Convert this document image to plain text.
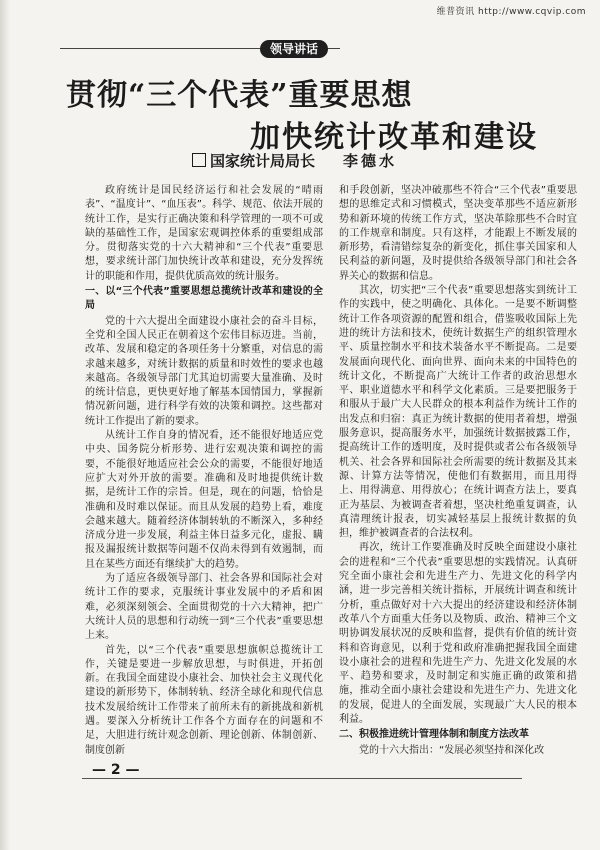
维普资讯 http://www.cqvip.com
领导讲话
贯彻“三个代表”重要思想
加快统计改革和建设
国家统计局局长 李德水

政府统计是国民经济运行和社会发展的“晴雨表”、“温度计”、“血压表”。科学、规范、依法开展的统计工作，是实行正确决策和科学管理的一项不可或缺的基础性工作，是国家宏观调控体系的重要组成部分。贯彻落实党的十六大精神和“三个代表”重要思想，要求统计部门加快统计改革和建设，充分发挥统计的职能和作用，提供优质高效的统计服务。

一、以“三个代表”重要思想总揽统计改革和建设的全局

党的十六大提出全面建设小康社会的奋斗目标，全党和全国人民正在朝着这个宏伟目标迈进。当前，改革、发展和稳定的各项任务十分繁重，对信息的需求越来越多，对统计数据的质量和时效性的要求也越来越高。各级领导部门尤其迫切需要大量准确、及时的统计信息，更快更好地了解基本国情国力，掌握新情况新问题，进行科学有效的决策和调控。这些都对统计工作提出了新的要求。

从统计工作自身的情况看，还不能很好地适应党中央、国务院分析形势、进行宏观决策和调控的需要，不能很好地适应社会公众的需要，不能很好地适应扩大对外开放的需要。准确和及时地提供统计数据，是统计工作的宗旨。但是，现在的问题，恰恰是准确和及时难以保证。而且从发展的趋势上看，难度会越来越大。随着经济体制转轨的不断深入，多种经济成分进一步发展，利益主体日益多元化，虚报、瞒报及漏报统计数据等问题不仅尚未得到有效遏制，而且在某些方面还有继续扩大的趋势。

为了适应各级领导部门、社会各界和国际社会对统计工作的要求，克服统计事业发展中的矛盾和困难，必须深刻领会、全面贯彻党的十六大精神，把广大统计人员的思想和行动统一到“三个代表”重要思想上来。

首先，以“三个代表”重要思想旗帜总揽统计工作，关键是要进一步解放思想，与时俱进，开拓创新。在我国全面建设小康社会、加快社会主义现代化建设的新形势下，体制转轨、经济全球化和现代信息技术发展给统计工作带来了前所未有的新挑战和新机遇。要深入分析统计工作各个方面存在的问题和不足，大胆进行统计观念创新、理论创新、体制创新、制度创新

和手段创新，坚决冲破那些不符合“三个代表”重要思想的思维定式和习惯模式，坚决变革那些不适应新形势和新环境的传统工作方式，坚决革除那些不合时宜的工作规章和制度。只有这样，才能跟上不断发展的新形势，看清错综复杂的新变化，抓住事关国家和人民利益的新问题，及时提供给各级领导部门和社会各界关心的数据和信息。

其次，切实把“三个代表”重要思想落实到统计工作的实践中，使之明确化、具体化。一是要不断调整统计工作各项资源的配置和组合，借鉴吸收国际上先进的统计方法和技术，使统计数据生产的组织管理水平、质量控制水平和技术装备水平不断提高。二是要发展面向现代化、面向世界、面向未来的中国特色的统计文化，不断提高广大统计工作者的政治思想水平、职业道德水平和科学文化素质。三是要把服务于和服从于最广大人民群众的根本利益作为统计工作的出发点和归宿：真正为统计数据的使用者着想，增强服务意识，提高服务水平，加强统计数据披露工作，提高统计工作的透明度，及时提供或者公布各级领导机关、社会各界和国际社会所需要的统计数据及其来源、计算方法等情况，使他们有数据用，而且用得上、用得满意、用得放心；在统计调查方法上，要真正为基层、为被调查者着想，坚决杜绝重复调查，认真清理统计报表，切实减轻基层上报统计数据的负担，维护被调查者的合法权利。

再次，统计工作要准确及时反映全面建设小康社会的进程和“三个代表”重要思想的实践情况。认真研究全面小康社会和先进生产力、先进文化的科学内涵，进一步完善相关统计指标，开展统计调查和统计分析，重点做好对十六大提出的经济建设和经济体制改革八个方面重大任务以及物质、政治、精神三个文明协调发展状况的反映和监督，提供有价值的统计资料和咨询意见，以利于党和政府准确把握我国全面建设小康社会的进程和先进生产力、先进文化发展的水平、趋势和要求，及时制定和实施正确的政策和措施，推动全面小康社会建设和先进生产力、先进文化的发展，促进人的全面发展，实现最广大人民的根本利益。

二、积极推进统计管理体制和制度方法改革

党的十六大指出：“发展必须坚持和深化改

— 2 —
